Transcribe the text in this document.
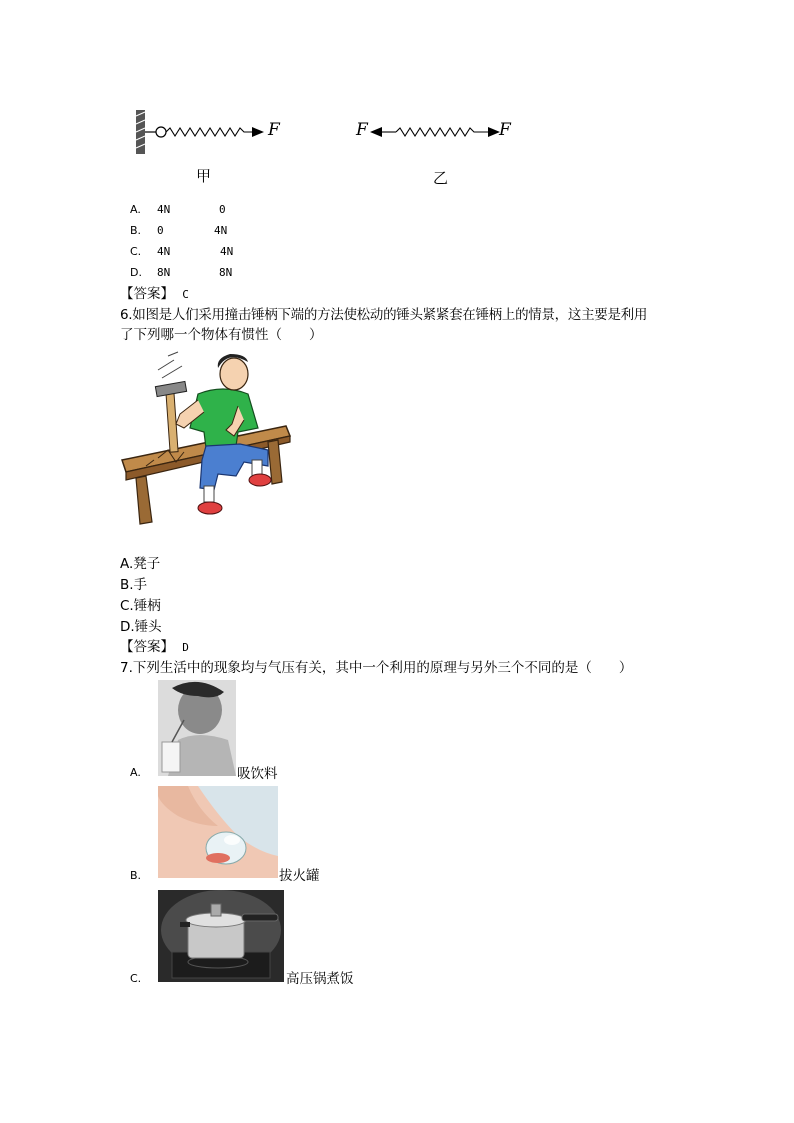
F	F	F
甲	乙
A. 4N	0
B. 0	4N
C. 4N	4N
D. 8N	8N
【答案】 C
6.如图是人们采用撞击锤柄下端的方法使松动的锤头紧紧套在锤柄上的情景，这主要是利用
了下列哪一个物体有惯性（　　）
A.凳子
B.手
C.锤柄
D.锤头
【答案】 D
7.下列生活中的现象均与气压有关，其中一个利用的原理与另外三个不同的是（　　）
A.	吸饮料
B.	拔火罐
C.	高压锅煮饭
